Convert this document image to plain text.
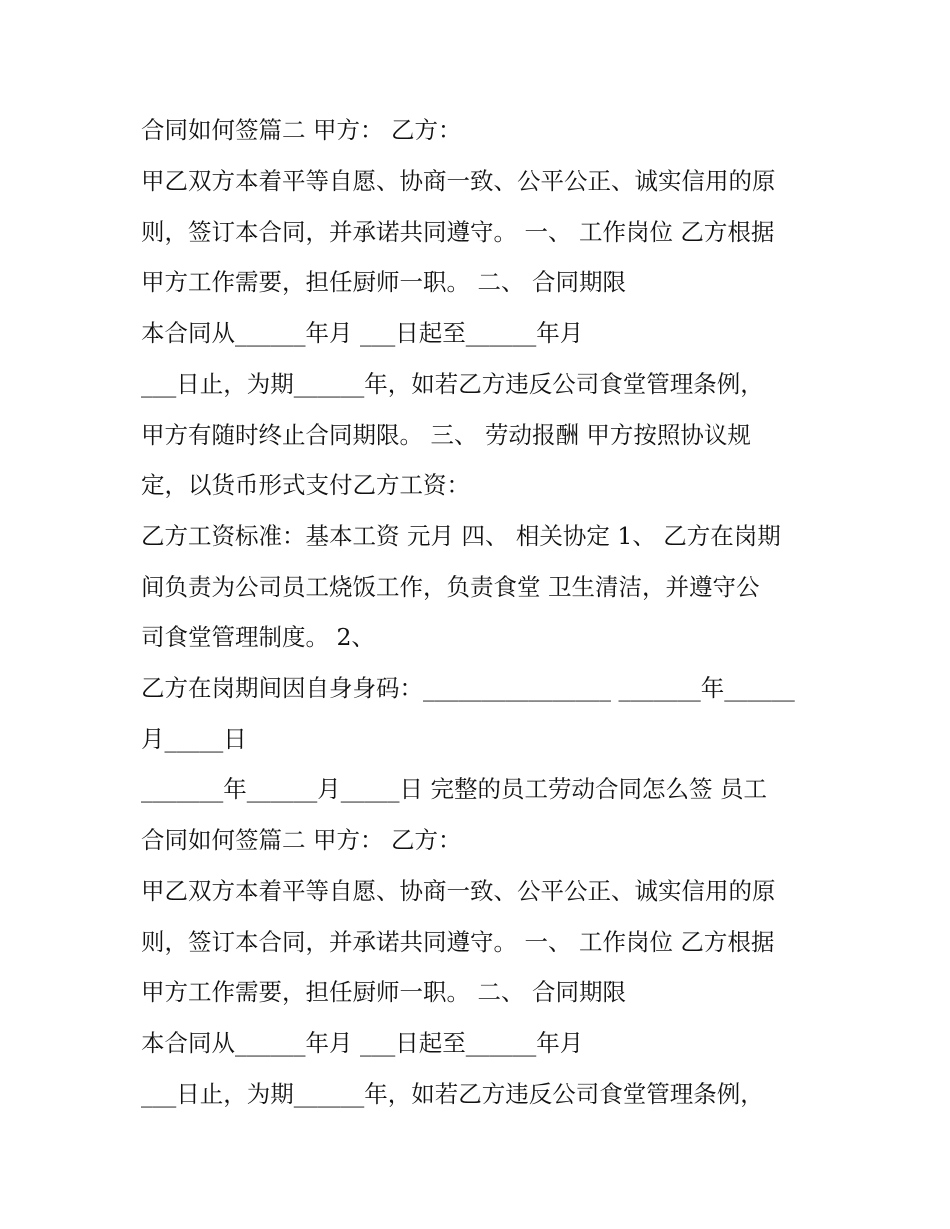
合同如何签篇二 甲方： 乙方：
甲乙双方本着平等自愿、协商一致、公平公正、诚实信用的原
则，签订本合同，并承诺共同遵守。 一、 工作岗位 乙方根据
甲方工作需要，担任厨师一职。 二、 合同期限
本合同从______年月 ___日起至______年月
___日止，为期______年，如若乙方违反公司食堂管理条例，
甲方有随时终止合同期限。 三、 劳动报酬 甲方按照协议规
定，以货币形式支付乙方工资：
乙方工资标准：基本工资 元月 四、 相关协定 1、 乙方在岗期
间负责为公司员工烧饭工作，负责食堂 卫生清洁，并遵守公
司食堂管理制度。 2、
乙方在岗期间因自身身码：________________ _______年______
月_____日
_______年______月_____日 完整的员工劳动合同怎么签 员工
合同如何签篇二 甲方： 乙方：
甲乙双方本着平等自愿、协商一致、公平公正、诚实信用的原
则，签订本合同，并承诺共同遵守。 一、 工作岗位 乙方根据
甲方工作需要，担任厨师一职。 二、 合同期限
本合同从______年月 ___日起至______年月
___日止，为期______年，如若乙方违反公司食堂管理条例，
